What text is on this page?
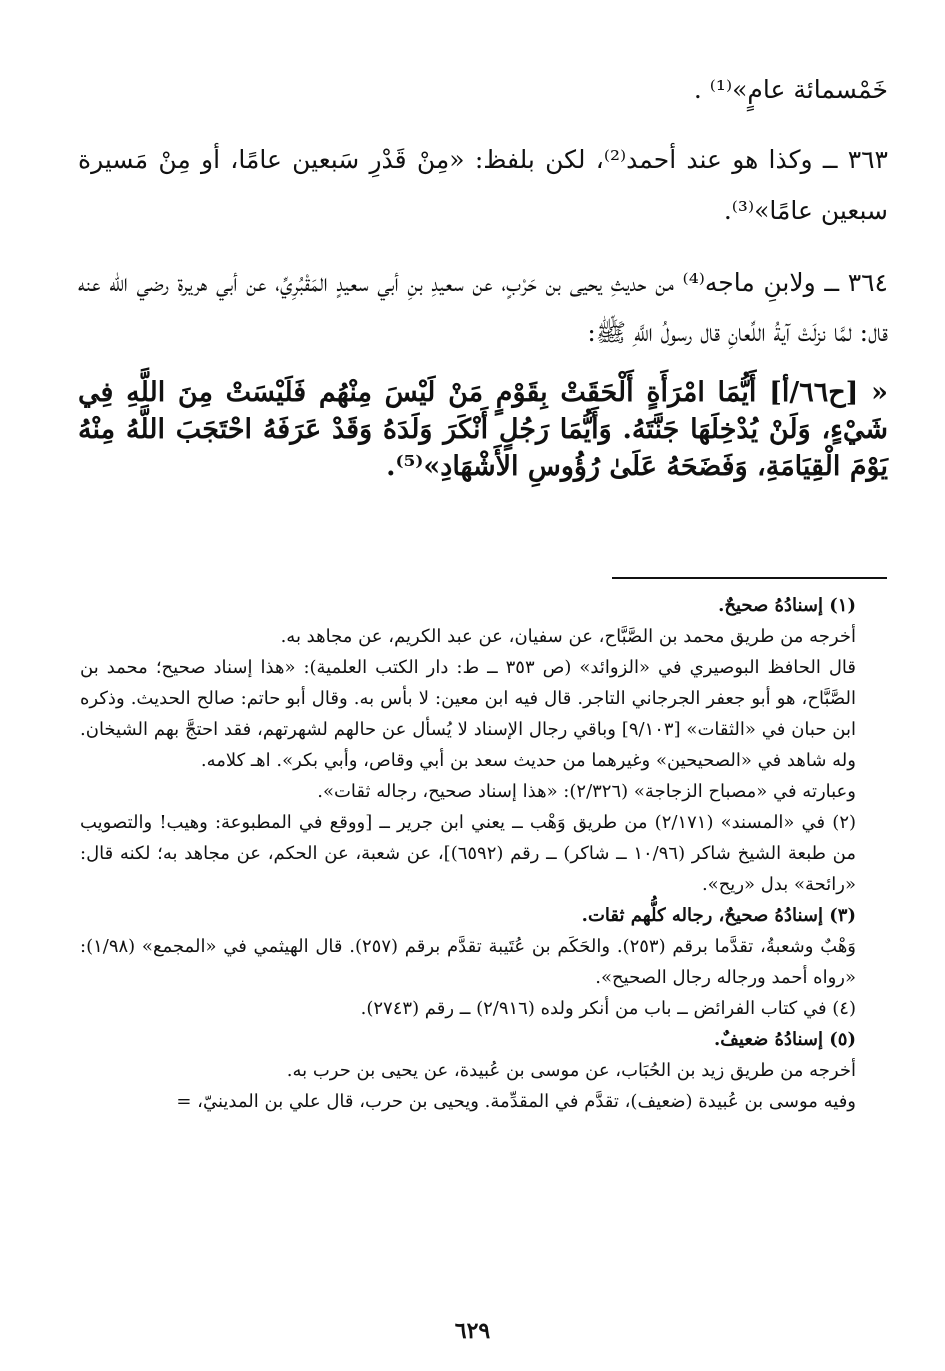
خَمْسمائة عامٍ»⁽¹⁾ .

٣٦٣ ــ وكذا هو عند أحمد⁽²⁾، لكن بلفظ: «مِنْ قَدْرِ سَبعين عامًا، أو مِنْ مَسيرة سبعين عامًا»⁽³⁾.

٣٦٤ ــ ولابنِ ماجه⁽⁴⁾ من حديثِ يحيى بن حَرْبٍ، عن سعيدِ بنِ أبي سعيدٍ المَقْبُرِيِّ، عن أبي هريرة رضي الله عنه قال: لمَّا نزلَتْ آيةُ اللِّعانِ قال رسولُ اللَّهِ ﷺ:

« [ح٦٦/أ] أَيُّمَا امْرَأَةٍ أَلْحَقَتْ بِقَوْمٍ مَنْ لَيْسَ مِنْهُم فَلَيْسَتْ مِنَ اللَّهِ فِي شَيْءٍ، وَلَنْ يُدْخِلَهَا جَنَّتَهُ. وَأَيُّمَا رَجُلٍ أَنْكَرَ وَلَدَهُ وَقَدْ عَرَفَهُ احْتَجَبَ اللَّهُ مِنْهُ يَوْمَ الْقِيَامَةِ، وَفَضَحَهُ عَلَىٰ رُؤُوسِ الأَشْهَادِ»⁽⁵⁾.

(١) إسنادُهُ صحيحٌ.

أخرجه من طريق محمد بن الصَّبَّاح، عن سفيان، عن عبد الكريم، عن مجاهد به.

قال الحافظ البوصيري في «الزوائد» (ص ٣٥٣ ــ ط: دار الكتب العلمية): «هذا إسناد صحيح؛ محمد بن الصَّبَّاح، هو أبو جعفر الجرجاني التاجر. قال فيه ابن معين: لا بأس به. وقال أبو حاتم: صالح الحديث. وذكره ابن حبان في «الثقات» [٩/١٠٣] وباقي رجال الإسناد لا يُسأل عن حالهم لشهرتهم، فقد احتجَّ بهم الشيخان. وله شاهد في «الصحيحين» وغيرهما من حديث سعد بن أبي وقاص، وأبي بكر». اهـ كلامه.

وعبارته في «مصباح الزجاجة» (٢/٣٢٦): «هذا إسناد صحيح، رجاله ثقات».

(٢) في «المسند» (٢/١٧١) من طريق وَهْب ــ يعني ابن جرير ــ [ووقع في المطبوعة: وهيب! والتصويب من طبعة الشيخ شاكر (١٠/٩٦ ــ شاكر) ــ رقم (٦٥٩٢)]، عن شعبة، عن الحكم، عن مجاهد به؛ لكنه قال: «رائحة» بدل «ريح».

(٣) إسنادُهُ صحيحٌ، رجاله كلُّهم ثقات.

وَهْبٌ وشعبةُ، تقدَّما برقم (٢٥٣). والحَكَم بن عُتَيبة تقدَّم برقم (٢٥٧). قال الهيثمي في «المجمع» (١/٩٨): «رواه أحمد ورجاله رجال الصحيح».

(٤) في كتاب الفرائض ــ باب من أنكر ولده (٢/٩١٦) ــ رقم (٢٧٤٣).

(٥) إسنادُهُ ضعيفٌ.

أخرجه من طريق زيد بن الحُبَاب، عن موسى بن عُبيدة، عن يحيى بن حرب به.

وفيه موسى بن عُبيدة (ضعيف)، تقدَّم في المقدِّمة. ويحيى بن حرب، قال علي بن المدينيّ، =

٦٢٩
